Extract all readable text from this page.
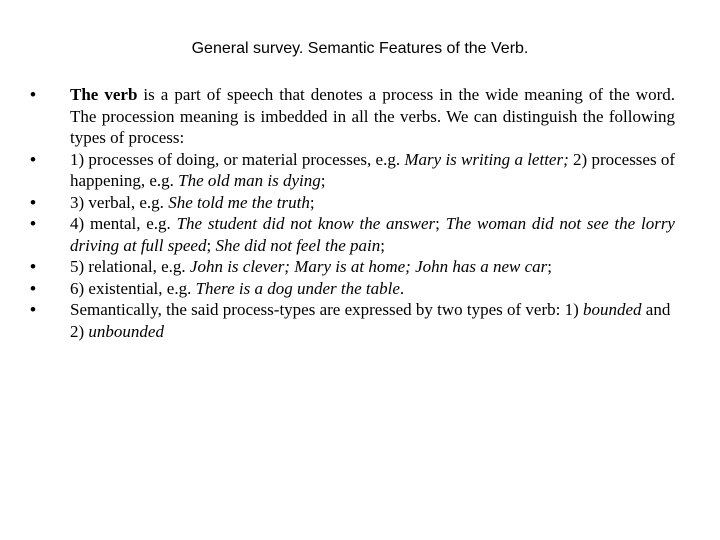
General survey. Semantic Features of the Verb.
• The verb is a part of speech that denotes a process in the wide meaning of the word. The procession meaning is imbedded in all the verbs. We can distinguish the following types of process:
• 1) processes of doing, or material processes, e.g. Mary is writing a letter; 2) processes of happening, e.g. The old man is dying;
• 3) verbal, e.g. She told me the truth;
• 4) mental, e.g. The student did not know the answer; The woman did not see the lorry driving at full speed; She did not feel the pain;
• 5) relational, e.g. John is clever; Mary is at home; John has a new car;
• 6) existential, e.g. There is a dog under the table.
• Semantically, the said process-types are expressed by two types of verb: 1) bounded and 2) unbounded
